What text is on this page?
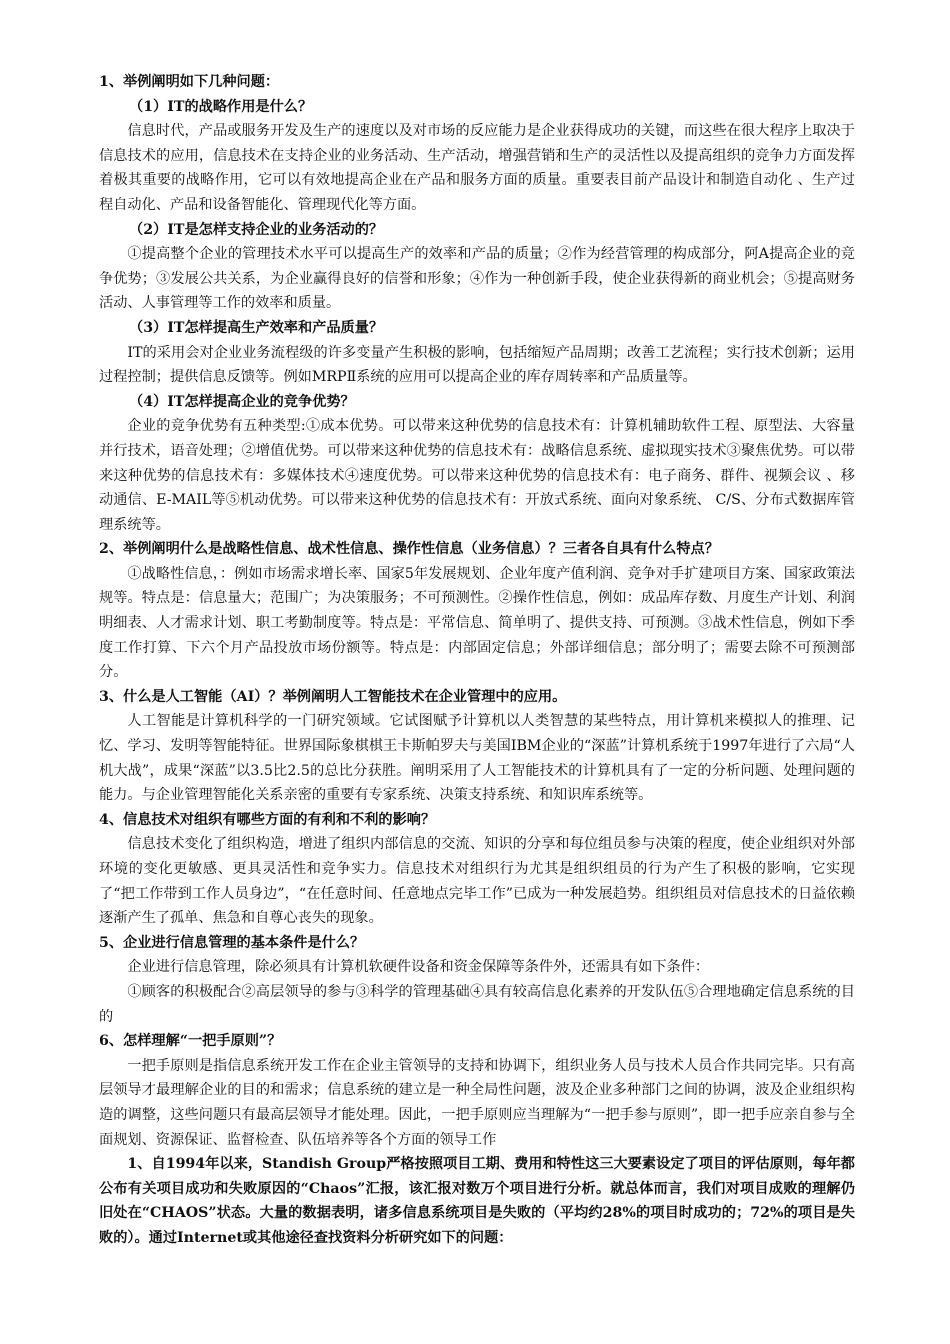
1、举例阐明如下几种问题：

（1）IT的战略作用是什么？

信息时代，产品或服务开发及生产的速度以及对市场的反应能力是企业获得成功的关键，而这些在很大程序上取决于信息技术的应用，信息技术在支持企业的业务活动、生产活动，增强营销和生产的灵活性以及提高组织的竞争力方面发挥着极其重要的战略作用，它可以有效地提高企业在产品和服务方面的质量。重要表目前产品设计和制造自动化 、生产过程自动化、产品和设备智能化、管理现代化等方面。

（2）IT是怎样支持企业的业务活动的？

①提高整个企业的管理技术水平可以提高生产的效率和产品的质量；②作为经营管理的构成部分，阿A提高企业的竞争优势；③发展公共关系，为企业赢得良好的信誉和形象；④作为一种创新手段，使企业获得新的商业机会；⑤提高财务活动、人事管理等工作的效率和质量。

（3）IT怎样提高生产效率和产品质量？

IT的采用会对企业业务流程级的许多变量产生积极的影响，包括缩短产品周期；改善工艺流程；实行技术创新；运用过程控制；提供信息反馈等。例如MRPⅡ系统的应用可以提高企业的库存周转率和产品质量等。

（4）IT怎样提高企业的竞争优势？

企业的竞争优势有五种类型:①成本优势。可以带来这种优势的信息技术有：计算机辅助软件工程、原型法、大容量并行技术，语音处理；②增值优势。可以带来这种优势的信息技术有：战略信息系统、虚拟现实技术③聚焦优势。可以带来这种优势的信息技术有：多媒体技术④速度优势。可以带来这种优势的信息技术有：电子商务、群件、视频会议 、移动通信、E-MAIL等⑤机动优势。可以带来这种优势的信息技术有：开放式系统、面向对象系统、 C/S、分布式数据库管理系统等。

2、举例阐明什么是战略性信息、战术性信息、操作性信息（业务信息）？三者各自具有什么特点？

①战略性信息，：例如市场需求增长率、国家5年发展规划、企业年度产值利润、竞争对手扩建项目方案、国家政策法规等。特点是：信息量大；范围广；为决策服务；不可预测性。②操作性信息，例如：成品库存数、月度生产计划、利润明细表、人才需求计划、职工考勤制度等。特点是：平常信息、简单明了、提供支持、可预测。③战术性信息，例如下季度工作打算、下六个月产品投放市场份额等。特点是：内部固定信息；外部详细信息；部分明了；需要去除不可预测部分。

3、什么是人工智能（AI）？举例阐明人工智能技术在企业管理中的应用。

人工智能是计算机科学的一门研究领域。它试图赋予计算机以人类智慧的某些特点，用计算机来模拟人的推理、记忆、学习、发明等智能特征。世界国际象棋棋王卡斯帕罗夫与美国IBM企业的“深蓝”计算机系统于1997年进行了六局“人机大战”，成果“深蓝”以3.5比2.5的总比分获胜。阐明采用了人工智能技术的计算机具有了一定的分析问题、处理问题的能力。与企业管理智能化关系亲密的重要有专家系统、决策支持系统、和知识库系统等。

4、信息技术对组织有哪些方面的有利和不利的影响？

信息技术变化了组织构造，增进了组织内部信息的交流、知识的分享和每位组员参与决策的程度，使企业组织对外部环境的变化更敏感、更具灵活性和竞争实力。信息技术对组织行为尤其是组织组员的行为产生了积极的影响，它实现了“把工作带到工作人员身边”，“在任意时间、任意地点完毕工作”已成为一种发展趋势。组织组员对信息技术的日益依赖逐渐产生了孤单、焦急和自尊心丧失的现象。

5、企业进行信息管理的基本条件是什么？

企业进行信息管理，除必须具有计算机软硬件设备和资金保障等条件外，还需具有如下条件：

①顾客的积极配合②高层领导的参与③科学的管理基础④具有较高信息化素养的开发队伍⑤合理地确定信息系统的目的

6、怎样理解“一把手原则”？

一把手原则是指信息系统开发工作在企业主管领导的支持和协调下，组织业务人员与技术人员合作共同完毕。只有高层领导才最理解企业的目的和需求；信息系统的建立是一种全局性问题，波及企业多种部门之间的协调，波及企业组织构造的调整，这些问题只有最高层领导才能处理。因此，一把手原则应当理解为“一把手参与原则”，即一把手应亲自参与全面规划、资源保证、监督检查、队伍培养等各个方面的领导工作

1、自1994年以来，Standish Group严格按照项目工期、费用和特性这三大要素设定了项目的评估原则，每年都公布有关项目成功和失败原因的“Chaos”汇报，该汇报对数万个项目进行分析。就总体而言，我们对项目成败的理解仍旧处在“CHAOS”状态。大量的数据表明，诸多信息系统项目是失败的（平均约28%的项目时成功的；72%的项目是失败的）。通过Internet或其他途径查找资料分析研究如下的问题：
